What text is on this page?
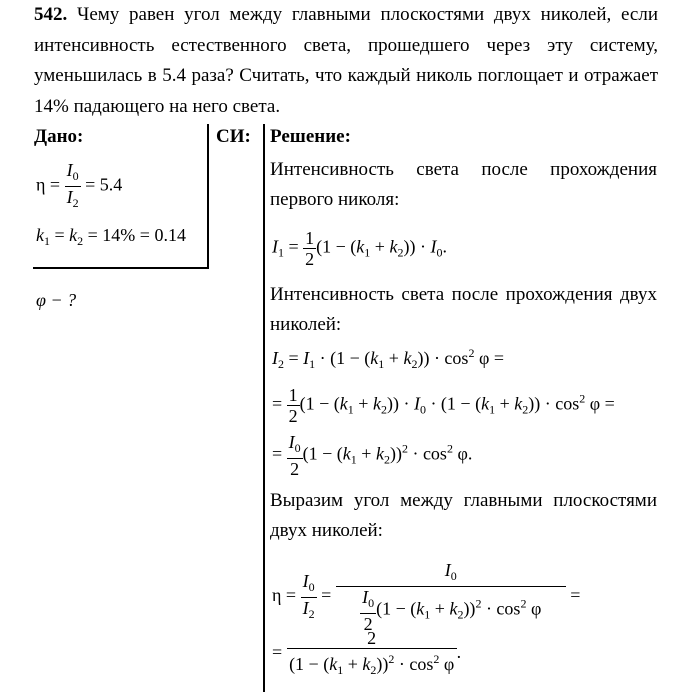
542. Чему равен угол между главными плоскостями двух николей, если
интенсивность естественного света, прошедшего через эту систему,
уменьшилась в 5.4 раза? Считать, что каждый николь поглощает и отражает
14% падающего на него света.
Дано:	СИ: Решение:
$\eta = \frac{I_0}{I_2} = 5.4$
$k_1 = k_2 = 14\% = 0.14$
φ − ?
Интенсивность света после прохождения
первого николя:
$I_1 = \frac{1}{2} (1 - (k_1 + k_2)) \cdot I_0$.
Интенсивность света после прохождения двух
николей:
$I_2 = I_1 \cdot (1 - (k_1 + k_2)) \cdot \cos^2 \varphi$ =
= $\frac{1}{2} (1 - (k_1 + k_2)) \cdot I_0 \cdot (1 - (k_1 + k_2)) \cdot \cos^2 \varphi$ =
= $\frac{I_0}{2} (1 - (k_1 + k_2))^2 \cdot \cos^2 \varphi$.
Выразим угол между главными плоскостями
двух николей:
$\eta = \frac{I_0}{I_2} = \frac{I_0}{\frac{I_0}{2} (1 - (k_1 + k_2))^2 \cdot \cos^2 \varphi}$ =
= $\frac{2}{(1 - (k_1 + k_2))^2 \cdot \cos^2 \varphi}$ .
